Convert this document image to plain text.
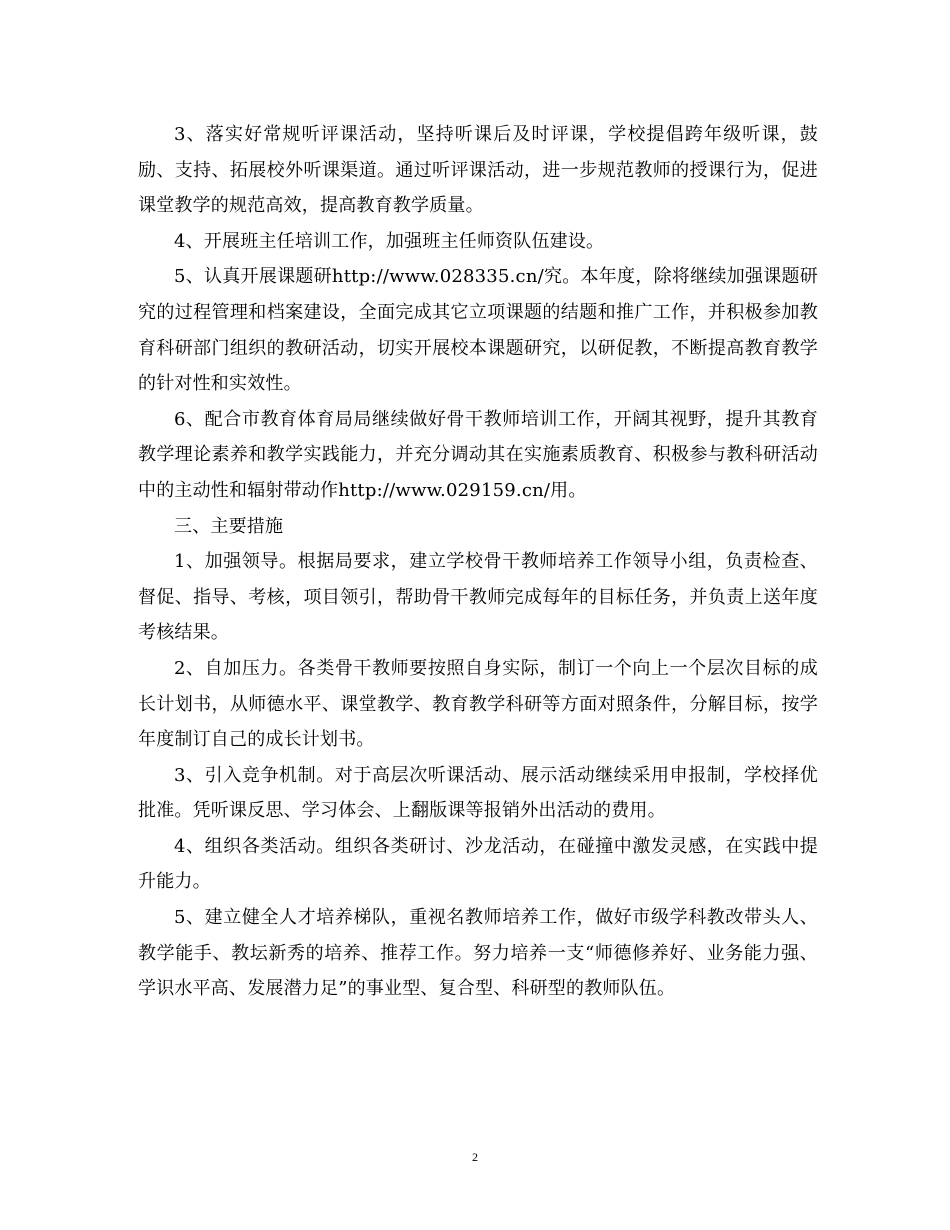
3、落实好常规听评课活动，坚持听课后及时评课，学校提倡跨年级听课，鼓励、支持、拓展校外听课渠道。通过听评课活动，进一步规范教师的授课行为，促进课堂教学的规范高效，提高教育教学质量。

4、开展班主任培训工作，加强班主任师资队伍建设。

5、认真开展课题研http://www.028335.cn/究。本年度，除将继续加强课题研究的过程管理和档案建设，全面完成其它立项课题的结题和推广工作，并积极参加教育科研部门组织的教研活动，切实开展校本课题研究，以研促教，不断提高教育教学的针对性和实效性。

6、配合市教育体育局局继续做好骨干教师培训工作，开阔其视野，提升其教育教学理论素养和教学实践能力，并充分调动其在实施素质教育、积极参与教科研活动中的主动性和辐射带动作http://www.029159.cn/用。

三、主要措施

1、加强领导。根据局要求，建立学校骨干教师培养工作领导小组，负责检查、督促、指导、考核，项目领引，帮助骨干教师完成每年的目标任务，并负责上送年度考核结果。

2、自加压力。各类骨干教师要按照自身实际，制订一个向上一个层次目标的成长计划书，从师德水平、课堂教学、教育教学科研等方面对照条件，分解目标，按学年度制订自己的成长计划书。

3、引入竞争机制。对于高层次听课活动、展示活动继续采用申报制，学校择优批准。凭听课反思、学习体会、上翻版课等报销外出活动的费用。

4、组织各类活动。组织各类研讨、沙龙活动，在碰撞中激发灵感，在实践中提升能力。

5、建立健全人才培养梯队，重视名教师培养工作，做好市级学科教改带头人、教学能手、教坛新秀的培养、推荐工作。努力培养一支“师德修养好、业务能力强、学识水平高、发展潜力足”的事业型、复合型、科研型的教师队伍。

2
